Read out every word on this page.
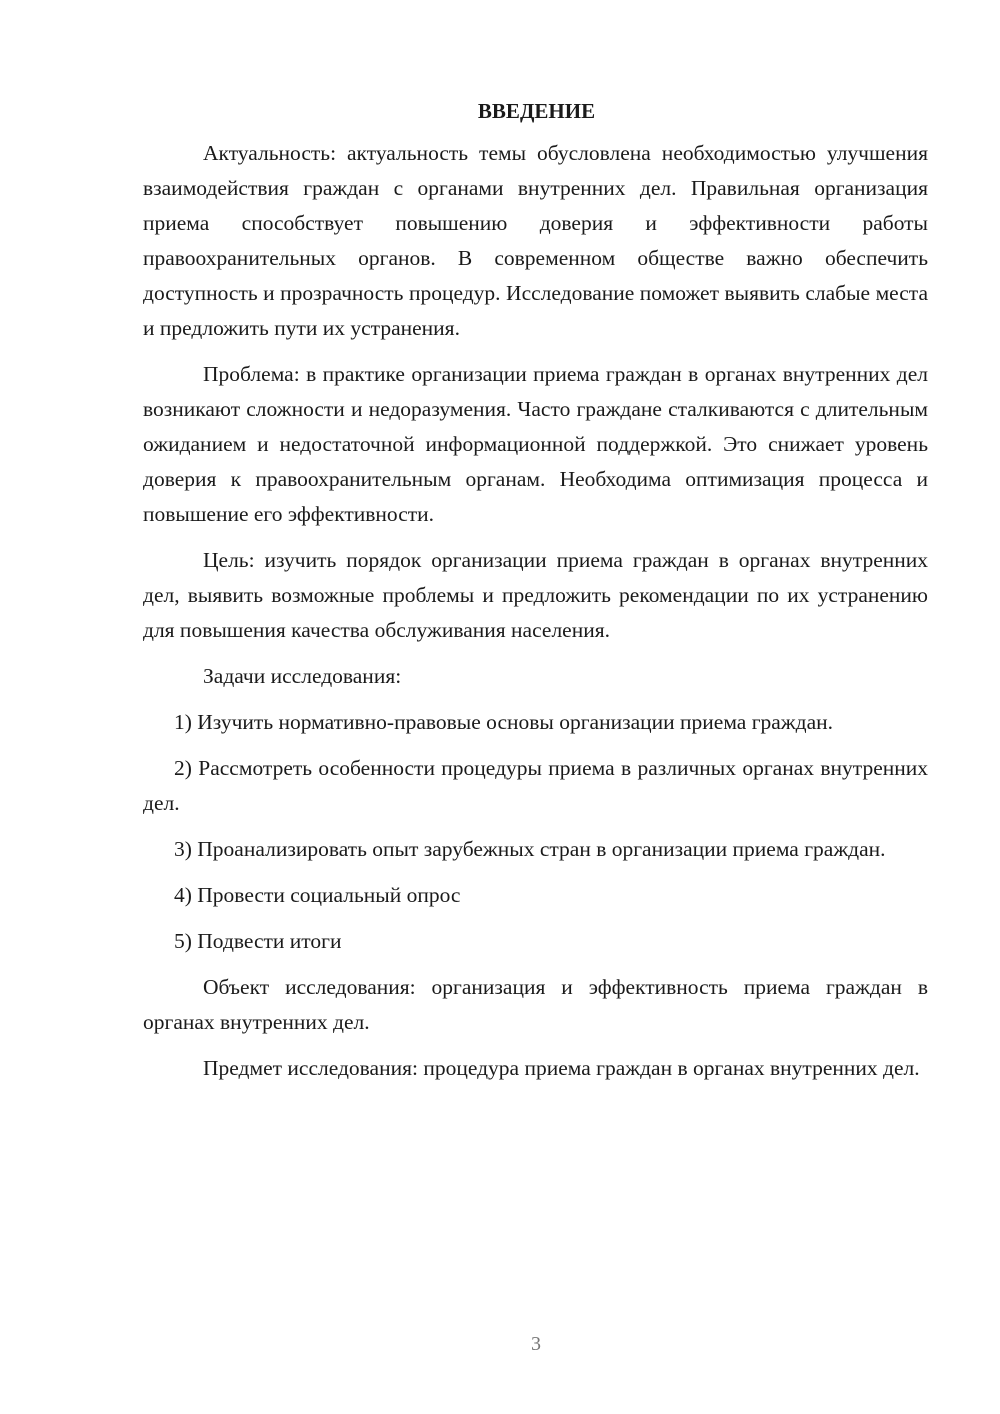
ВВЕДЕНИЕ

Актуальность: актуальность темы обусловлена необходимостью улучшения взаимодействия граждан с органами внутренних дел. Правильная организация приема способствует повышению доверия и эффективности работы правоохранительных органов. В современном обществе важно обеспечить доступность и прозрачность процедур. Исследование поможет выявить слабые места и предложить пути их устранения.

Проблема: в практике организации приема граждан в органах внутренних дел возникают сложности и недоразумения. Часто граждане сталкиваются с длительным ожиданием и недостаточной информационной поддержкой. Это снижает уровень доверия к правоохранительным органам. Необходима оптимизация процесса и повышение его эффективности.

Цель: изучить порядок организации приема граждан в органах внутренних дел, выявить возможные проблемы и предложить рекомендации по их устранению для повышения качества обслуживания населения.

Задачи исследования:

1) Изучить нормативно-правовые основы организации приема граждан.

2) Рассмотреть особенности процедуры приема в различных органах внутренних дел.

3) Проанализировать опыт зарубежных стран в организации приема граждан.

4) Провести социальный опрос

5) Подвести итоги

Объект исследования: организация и эффективность приема граждан в органах внутренних дел.

Предмет исследования: процедура приема граждан в органах внутренних дел.

3
